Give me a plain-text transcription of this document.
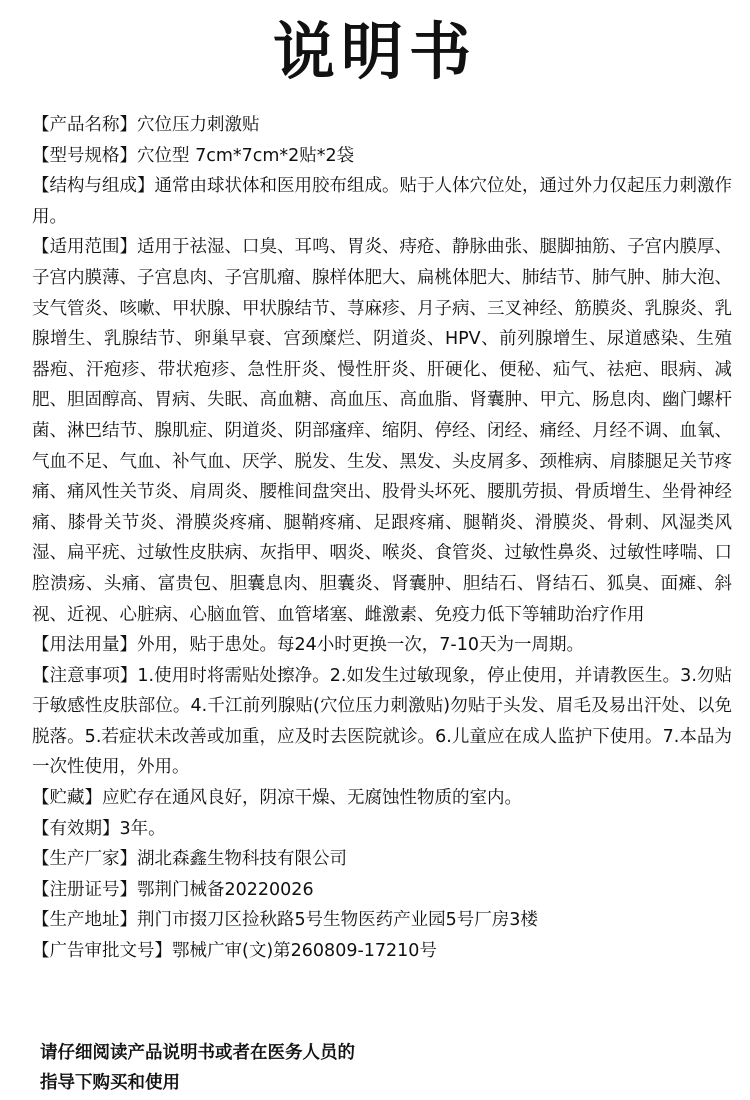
说明书

【产品名称】穴位压力刺激贴

【型号规格】穴位型 7cm*7cm*2贴*2袋

【结构与组成】通常由球状体和医用胶布组成。贴于人体穴位处，通过外力仅起压力刺激作用。

【适用范围】适用于祛湿、口臭、耳鸣、胃炎、痔疮、静脉曲张、腿脚抽筋、子宫内膜厚、子宫内膜薄、子宫息肉、子宫肌瘤、腺样体肥大、扁桃体肥大、肺结节、肺气肿、肺大泡、支气管炎、咳嗽、甲状腺、甲状腺结节、荨麻疹、月子病、三叉神经、筋膜炎、乳腺炎、乳腺增生、乳腺结节、卵巢早衰、宫颈糜烂、阴道炎、HPV、前列腺增生、尿道感染、生殖器疱、汗疱疹、带状疱疹、急性肝炎、慢性肝炎、肝硬化、便秘、疝气、祛疤、眼病、减肥、胆固醇高、胃病、失眠、高血糖、高血压、高血脂、肾囊肿、甲亢、肠息肉、幽门螺杆菌、淋巴结节、腺肌症、阴道炎、阴部瘙痒、缩阴、停经、闭经、痛经、月经不调、血氧、气血不足、气血、补气血、厌学、脱发、生发、黑发、头皮屑多、颈椎病、肩膝腿足关节疼痛、痛风性关节炎、肩周炎、腰椎间盘突出、股骨头坏死、腰肌劳损、骨质增生、坐骨神经痛、膝骨关节炎、滑膜炎疼痛、腿鞘疼痛、足跟疼痛、腿鞘炎、滑膜炎、骨刺、风湿类风湿、扁平疣、过敏性皮肤病、灰指甲、咽炎、喉炎、食管炎、过敏性鼻炎、过敏性哮喘、口腔溃疡、头痛、富贵包、胆囊息肉、胆囊炎、肾囊肿、胆结石、肾结石、狐臭、面瘫、斜视、近视、心脏病、心脑血管、血管堵塞、雌激素、免疫力低下等辅助治疗作用

【用法用量】外用，贴于患处。每24小时更换一次，7-10天为一周期。

【注意事项】1.使用时将需贴处擦净。2.如发生过敏现象，停止使用，并请教医生。3.勿贴于敏感性皮肤部位。4.千江前列腺贴(穴位压力刺激贴)勿贴于头发、眉毛及易出汗处、以免脱落。5.若症状未改善或加重，应及时去医院就诊。6.儿童应在成人监护下使用。7.本品为一次性使用，外用。

【贮藏】应贮存在通风良好，阴凉干燥、无腐蚀性物质的室内。

【有效期】3年。

【生产厂家】湖北森鑫生物科技有限公司

【注册证号】鄂荆门械备20220026

【生产地址】荆门市掇刀区捡秋路5号生物医药产业园5号厂房3楼

【广告审批文号】鄂械广审(文)第260809-17210号

请仔细阅读产品说明书或者在医务人员的
指导下购买和使用
